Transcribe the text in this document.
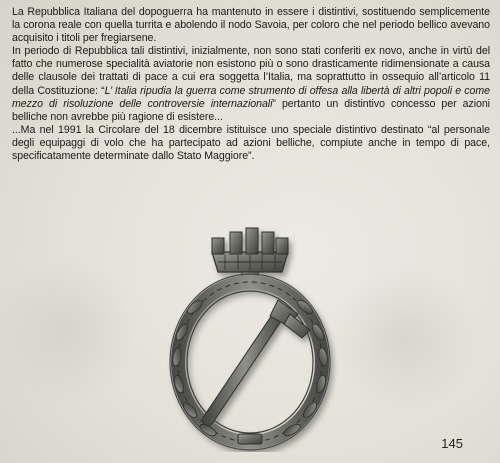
La Repubblica Italiana del dopoguerra ha mantenuto in essere i distintivi, sostituendo semplicemente la corona reale con quella turrita e abolendo il nodo Savoia, per coloro che nel periodo bellico avevano acquisito i titoli per fregiarsene.

In periodo di Repubblica tali distintivi, inizialmente, non sono stati conferiti ex novo, anche in virtù del fatto che numerose specialità aviatorie non esistono più o sono drasticamente ridimensionate a causa delle clausole dei trattati di pace a cui era soggetta l’Italia, ma soprattutto in ossequio all’articolo 11 della Costituzione: “L’ Italia ripudia la guerra come strumento di offesa alla libertà di altri popoli e come mezzo di risoluzione delle controversie internazionali” pertanto un distintivo concesso per azioni belliche non avrebbe più ragione di esistere...

...Ma nel 1991 la Circolare del 18 dicembre istituisce uno speciale distintivo destinato “al personale degli equipaggi di volo che ha partecipato ad azioni belliche, compiute anche in tempo di pace, specificatamente determinate dallo Stato Maggiore”.

145
